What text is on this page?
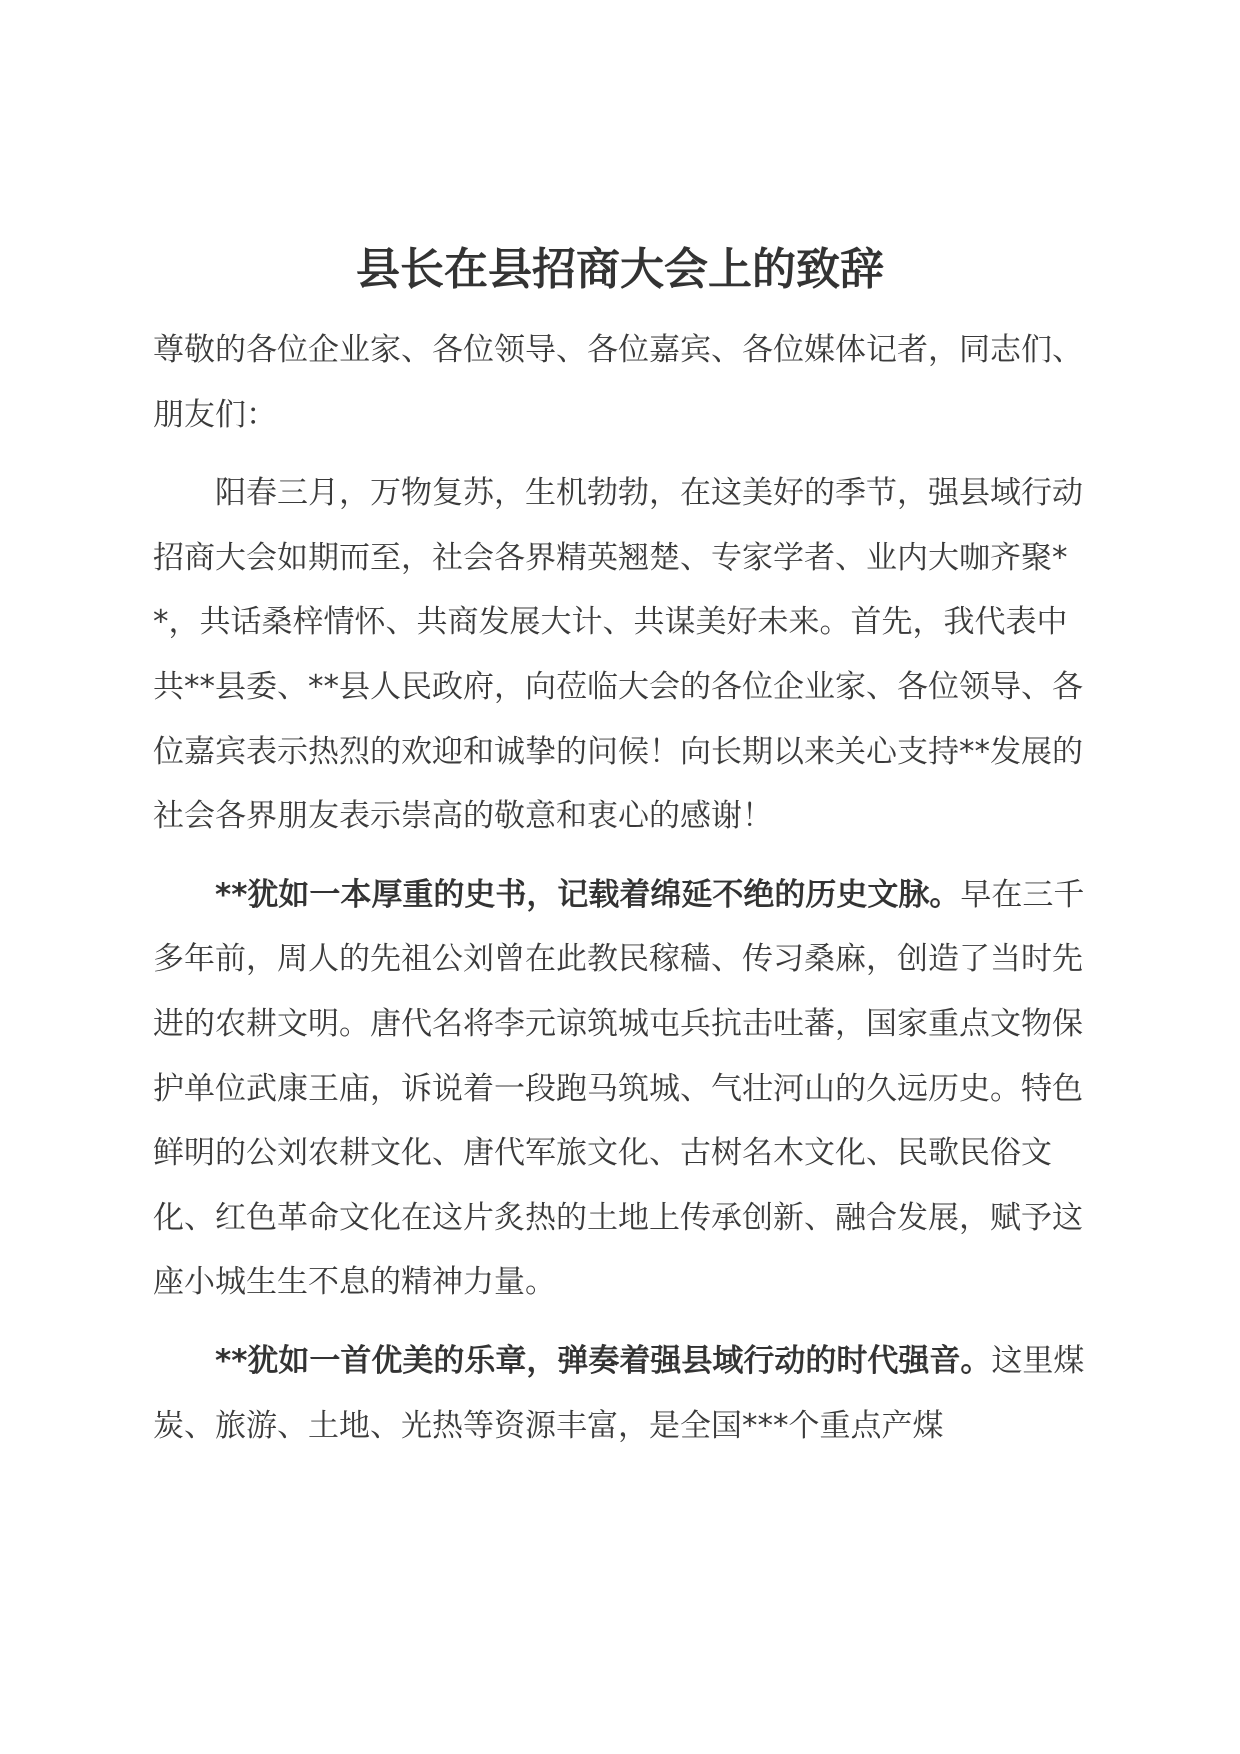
县长在县招商大会上的致辞

尊敬的各位企业家、各位领导、各位嘉宾、各位媒体记者，同志们、朋友们：

阳春三月，万物复苏，生机勃勃，在这美好的季节，强县域行动招商大会如期而至，社会各界精英翘楚、专家学者、业内大咖齐聚**，共话桑梓情怀、共商发展大计、共谋美好未来。首先，我代表中共**县委、**县人民政府，向莅临大会的各位企业家、各位领导、各位嘉宾表示热烈的欢迎和诚挚的问候！向长期以来关心支持**发展的社会各界朋友表示崇高的敬意和衷心的感谢！

**犹如一本厚重的史书，记载着绵延不绝的历史文脉。早在三千多年前，周人的先祖公刘曾在此教民稼穑、传习桑麻，创造了当时先进的农耕文明。唐代名将李元谅筑城屯兵抗击吐蕃，国家重点文物保护单位武康王庙，诉说着一段跑马筑城、气壮河山的久远历史。特色鲜明的公刘农耕文化、唐代军旅文化、古树名木文化、民歌民俗文化、红色革命文化在这片炙热的土地上传承创新、融合发展，赋予这座小城生生不息的精神力量。

**犹如一首优美的乐章，弹奏着强县域行动的时代强音。这里煤炭、旅游、土地、光热等资源丰富，是全国***个重点产煤
